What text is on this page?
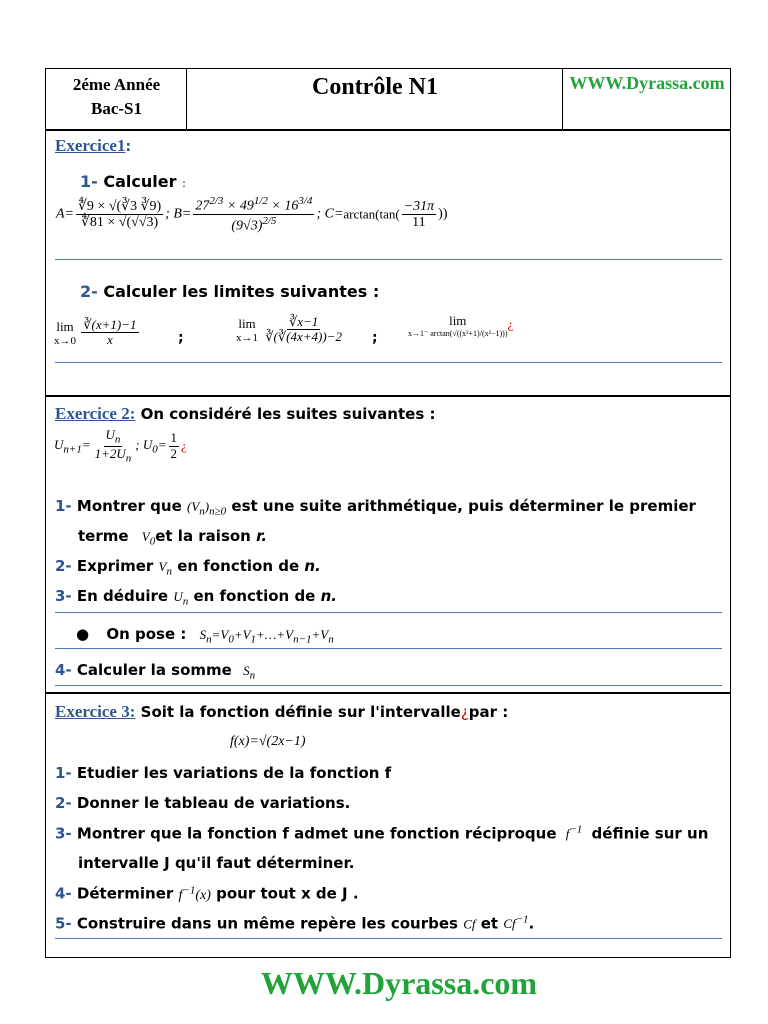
2éme Année
Bac-S1
Contrôle N1	WWW.Dyrassa.com
Exercice1:
1- Calculer :
$A= \frac{∜9 \times √(∛3 ∛9)}{∜81 \times √(√√3)}$ ; $B= \frac{27^{2/3} \times 49^{1/2} \times 16^{3/4}}{(9√3)^{2/5}}$ ; $C=\arctan(\tan( \frac{-31\pi}{11}$ ))
2- Calculer les limites suivantes :
lim
x→0
$\frac{∛(x+1)-1}{x}$	;
lim
x→1
$\frac{∛x-1}{∛(∛(4x+4))-2}$ ;
lim
x→1⁻ arctan(√((x²+1)/(x²−1)))
¿
Exercice 2: On considéré les suites suivantes :
$U_{n+1}= \frac{U_n}{1+2U_n}$ ; $U_0= \frac{1}{2}$ ¿
1- Montrer que $(V_n)_{n\ge 0}$ est une suite arithmétique, puis déterminer le premier
terme $V_0et$ la raison r.
2- Exprimer $V_n$ en fonction de n.
3- En déduire $U_n$ en fonction de n.
● On pose : $S_n=V_0+V_1+\dots+V_{n-1}+V_n$
4- Calculer la somme $S_n$
Exercice 3: Soit la fonction définie sur l'intervalle¿par :
f(x)=√(2x−1)
1- Etudier les variations de la fonction f
2- Donner le tableau de variations.
3- Montrer que la fonction f admet une fonction réciproque $f^{-1}$ définie sur un
intervalle J qu'il faut déterminer.
4- Déterminer $f^{-1}(x)$ pour tout x de J .
5- Construire dans un même repère les courbes Cf et $Cf^{-1}$.
WWW.Dyrassa.com
